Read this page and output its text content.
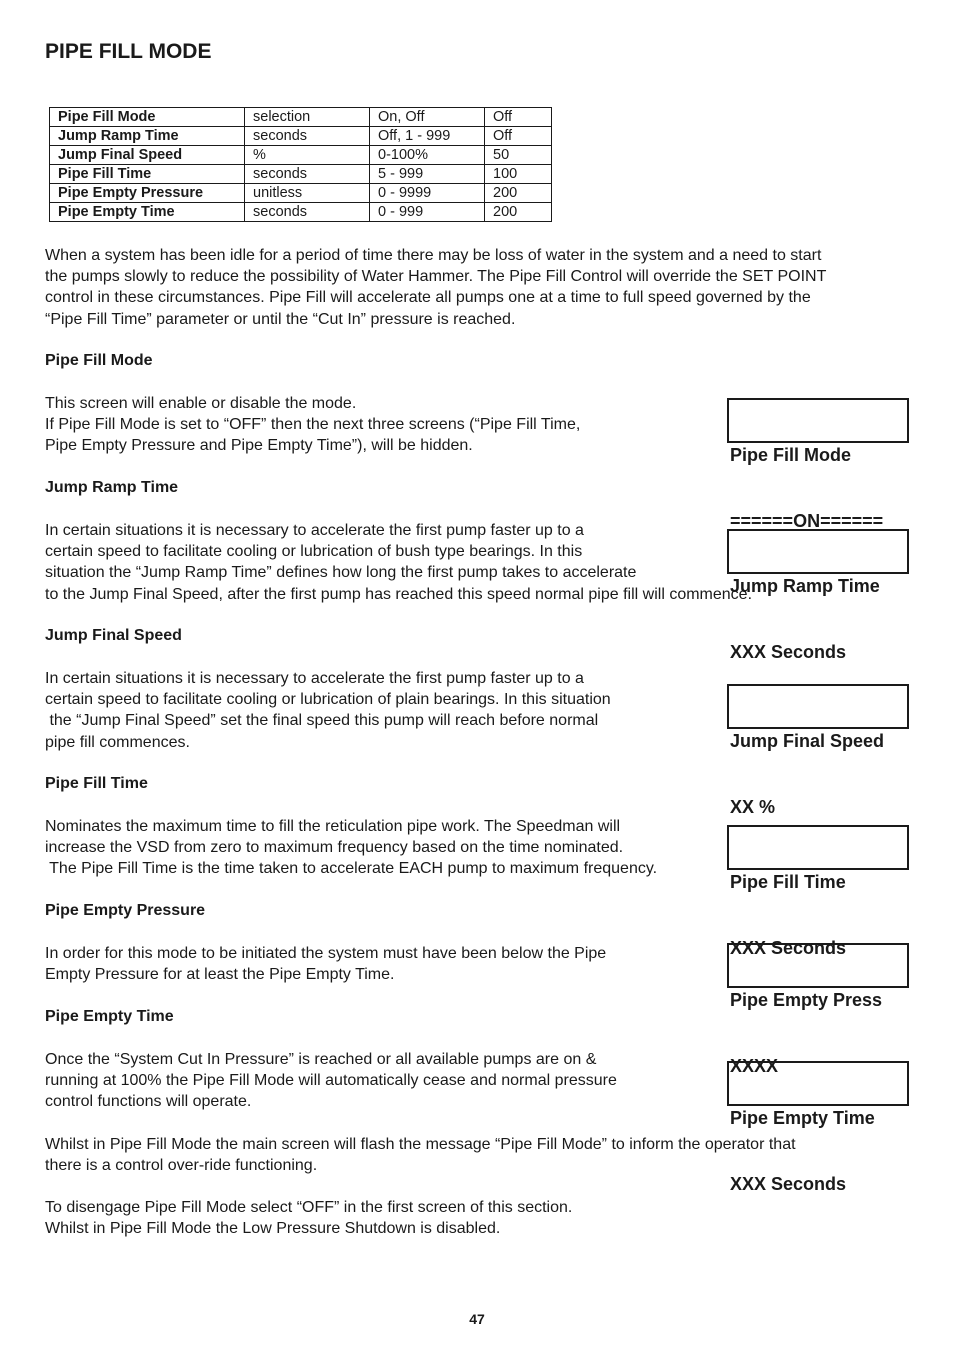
PIPE FILL MODE
Pipe Fill Mode	selection	On, Off	Off
Jump Ramp Time	seconds	Off, 1 - 999	Off
Jump Final Speed	%	0-100%	50
Pipe Fill Time	seconds	5 - 999	100
Pipe Empty Pressure	unitless	0 - 9999	200
Pipe Empty Time	seconds	0 - 999	200
When a system has been idle for a period of time there may be loss of water in the system and a need to start
the pumps slowly to reduce the possibility of Water Hammer. The Pipe Fill Control will override the SET POINT
control in these circumstances. Pipe Fill will accelerate all pumps one at a time to full speed governed by the
“Pipe Fill Time” parameter or until the “Cut In” pressure is reached.
Pipe Fill Mode
This screen will enable or disable the mode.
If Pipe Fill Mode is set to “OFF” then the next three screens (“Pipe Fill Time,
Pipe Empty Pressure and Pipe Empty Time”), will be hidden.

	Pipe Fill Mode

======ON======

Jump Ramp Time
In certain situations it is necessary to accelerate the first pump faster up to a
certain speed to facilitate cooling or lubrication of bush type bearings. In this
situation the “Jump Ramp Time” defines how long the first pump takes to accelerate
to the Jump Final Speed, after the first pump has reached this speed normal pipe fill will commence.

Jump Ramp Time

XXX Seconds

Jump Final Speed
In certain situations it is necessary to accelerate the first pump faster up to a
certain speed to facilitate cooling or lubrication of plain bearings. In this situation
the “Jump Final Speed” set the final speed this pump will reach before normal
pipe fill commences.

	Jump Final Speed

XX %

Pipe Fill Time
Nominates the maximum time to fill the reticulation pipe work. The Speedman will
increase the VSD from zero to maximum frequency based on the time nominated.
The Pipe Fill Time is the time taken to accelerate EACH pump to maximum frequency.

Pipe Fill Time

XXX Seconds

Pipe Empty Pressure
In order for this mode to be initiated the system must have been below the Pipe
Empty Pressure for at least the Pipe Empty Time.

Pipe Empty Press

XXXX

Pipe Empty Time
Once the “System Cut In Pressure” is reached or all available pumps are on &
running at 100% the Pipe Fill Mode will automatically cease and normal pressure
control functions will operate.

Pipe Empty Time

XXX Seconds

Whilst in Pipe Fill Mode the main screen will flash the message “Pipe Fill Mode” to inform the operator that
there is a control over-ride functioning.
To disengage Pipe Fill Mode select “OFF” in the first screen of this section.
Whilst in Pipe Fill Mode the Low Pressure Shutdown is disabled.
47
